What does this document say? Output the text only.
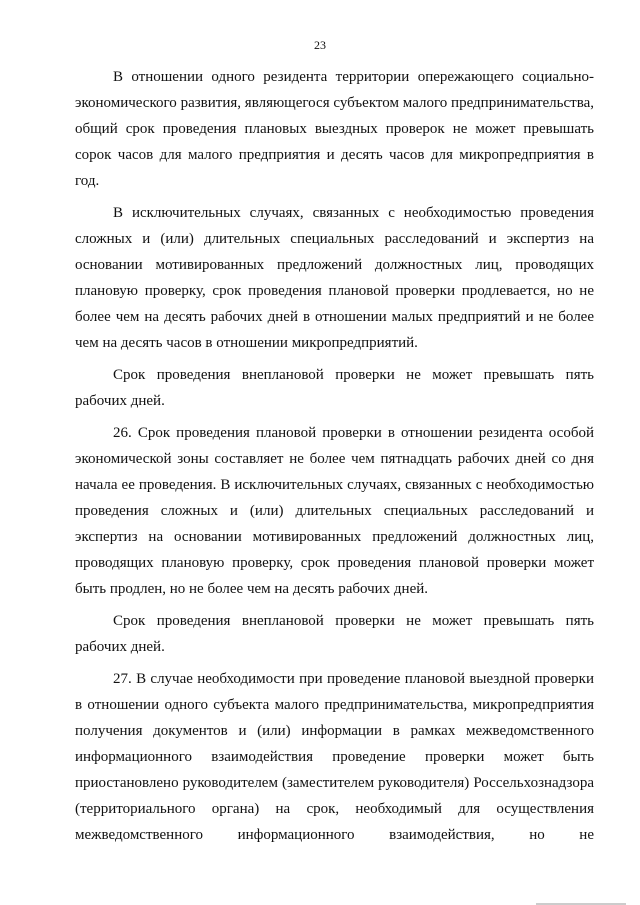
23

В отношении одного резидента территории опережающего социально-экономического развития, являющегося субъектом малого предпринимательства, общий срок проведения плановых выездных проверок не может превышать сорок часов для малого предприятия и десять часов для микропредприятия в год.

В исключительных случаях, связанных с необходимостью проведения сложных и (или) длительных специальных расследований и экспертиз на основании мотивированных предложений должностных лиц, проводящих плановую проверку, срок проведения плановой проверки продлевается, но не более чем на десять рабочих дней в отношении малых предприятий и не более чем на десять часов в отношении микропредприятий.

Срок проведения внеплановой проверки не может превышать пять рабочих дней.

26. Срок проведения плановой проверки в отношении резидента особой экономической зоны составляет не более чем пятнадцать рабочих дней со дня начала ее проведения. В исключительных случаях, связанных с необходимостью проведения сложных и (или) длительных специальных расследований и экспертиз на основании мотивированных предложений должностных лиц, проводящих плановую проверку, срок проведения плановой проверки может быть продлен, но не более чем на десять рабочих дней.

Срок проведения внеплановой проверки не может превышать пять рабочих дней.

27. В случае необходимости при проведение плановой выездной проверки в отношении одного субъекта малого предпринимательства, микропредприятия получения документов и (или) информации в рамках межведомственного информационного взаимодействия проведение проверки может быть приостановлено руководителем (заместителем руководителя) Россельхознадзора (территориального органа) на срок, необходимый для осуществления межведомственного информационного взаимодействия, но не
